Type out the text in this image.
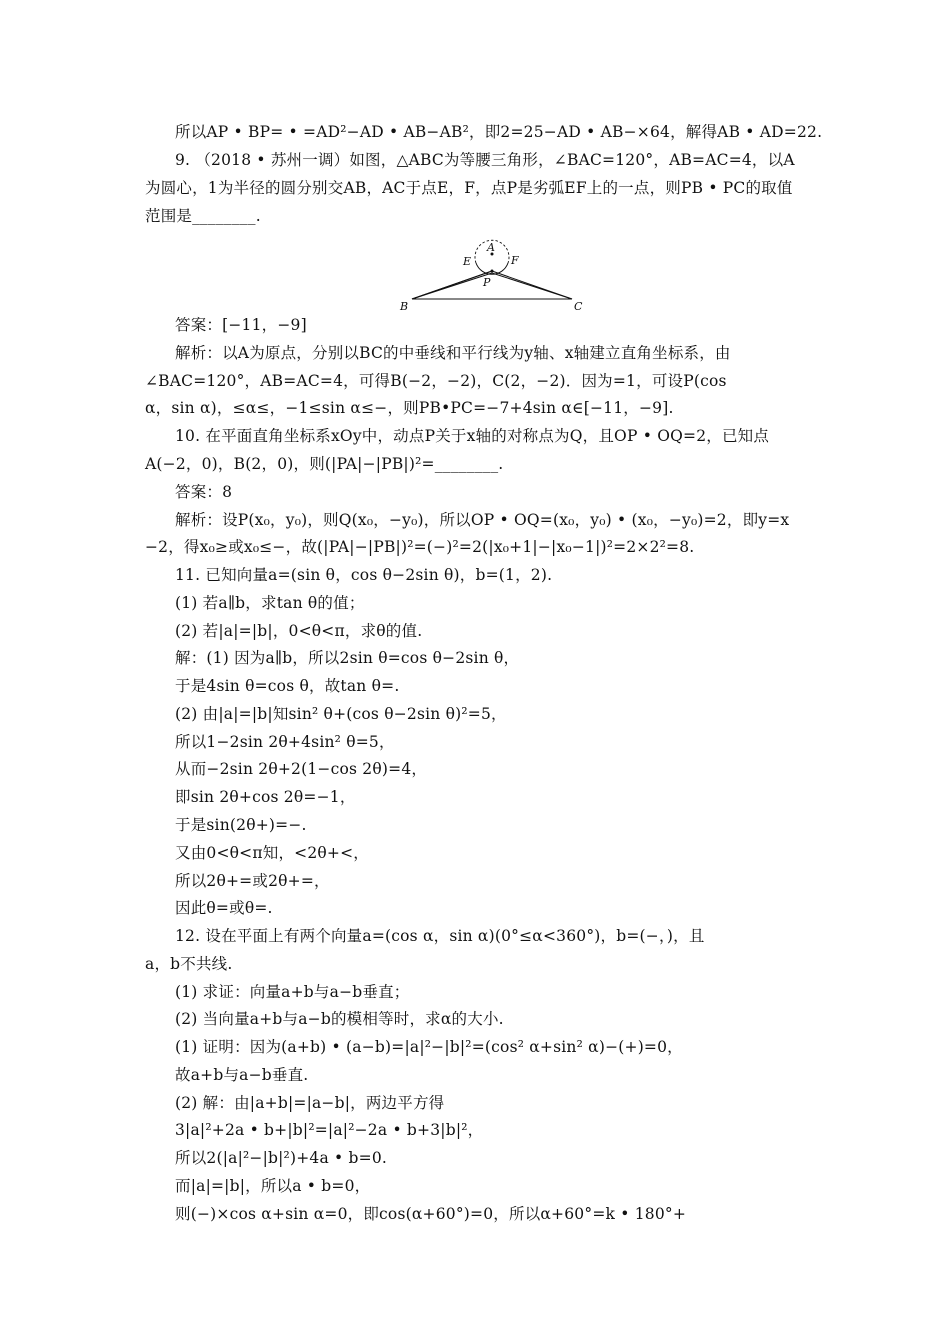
所以AP • BP= • =AD²−AD • AB−AB²，即2=25−AD • AB−×64，解得AB • AD=22.
9. （2018 • 苏州一调）如图，△ABC为等腰三角形，∠BAC=120°，AB=AC=4，以A
为圆心，1为半径的圆分别交AB，AC于点E，F，点P是劣弧EF上的一点，则PB • PC的取值
范围是________.
A
B	C
E	F
P
答案：[−11，−9]
解析：以A为原点，分别以BC的中垂线和平行线为y轴、x轴建立直角坐标系，由
∠BAC=120°，AB=AC=4，可得B(−2，−2)，C(2，−2)．因为=1，可设P(cos
α，sin α)，≤α≤，−1≤sin α≤−，则PB•PC=−7+4sin α∈[−11，−9].
10. 在平面直角坐标系xOy中，动点P关于x轴的对称点为Q，且OP • OQ=2，已知点
A(−2，0)，B(2，0)，则(|PA|−|PB|)²=________.
答案：8
解析：设P(x₀，y₀)，则Q(x₀，−y₀)，所以OP • OQ=(x₀，y₀) • (x₀，−y₀)=2，即y=x
−2，得x₀≥或x₀≤−，故(|PA|−|PB|)²=(−)²=2(|x₀+1|−|x₀−1|)²=2×2²=8.
11. 已知向量a=(sin θ，cos θ−2sin θ)，b=(1，2).
(1) 若a∥b，求tan θ的值；
(2) 若|a|=|b|，0<θ<π，求θ的值.
解：(1) 因为a∥b，所以2sin θ=cos θ−2sin θ，
于是4sin θ=cos θ，故tan θ=.
(2) 由|a|=|b|知sin² θ+(cos θ−2sin θ)²=5，
所以1−2sin 2θ+4sin² θ=5，
从而−2sin 2θ+2(1−cos 2θ)=4，
即sin 2θ+cos 2θ=−1，
于是sin(2θ+)=−.
又由0<θ<π知，<2θ+<，
所以2θ+=或2θ+=，
因此θ=或θ=.
12. 设在平面上有两个向量a=(cos α，sin α)(0°≤α<360°)，b=(−，)，且
a，b不共线.
(1) 求证：向量a+b与a−b垂直；
(2) 当向量a+b与a−b的模相等时，求α的大小.
(1) 证明：因为(a+b) • (a−b)=|a|²−|b|²=(cos² α+sin² α)−(+)=0，
故a+b与a−b垂直.
(2) 解：由|a+b|=|a−b|，两边平方得
3|a|²+2a • b+|b|²=|a|²−2a • b+3|b|²，
所以2(|a|²−|b|²)+4a • b=0.
而|a|=|b|，所以a • b=0，
则(−)×cos α+sin α=0，即cos(α+60°)=0，所以α+60°=k • 180°+
